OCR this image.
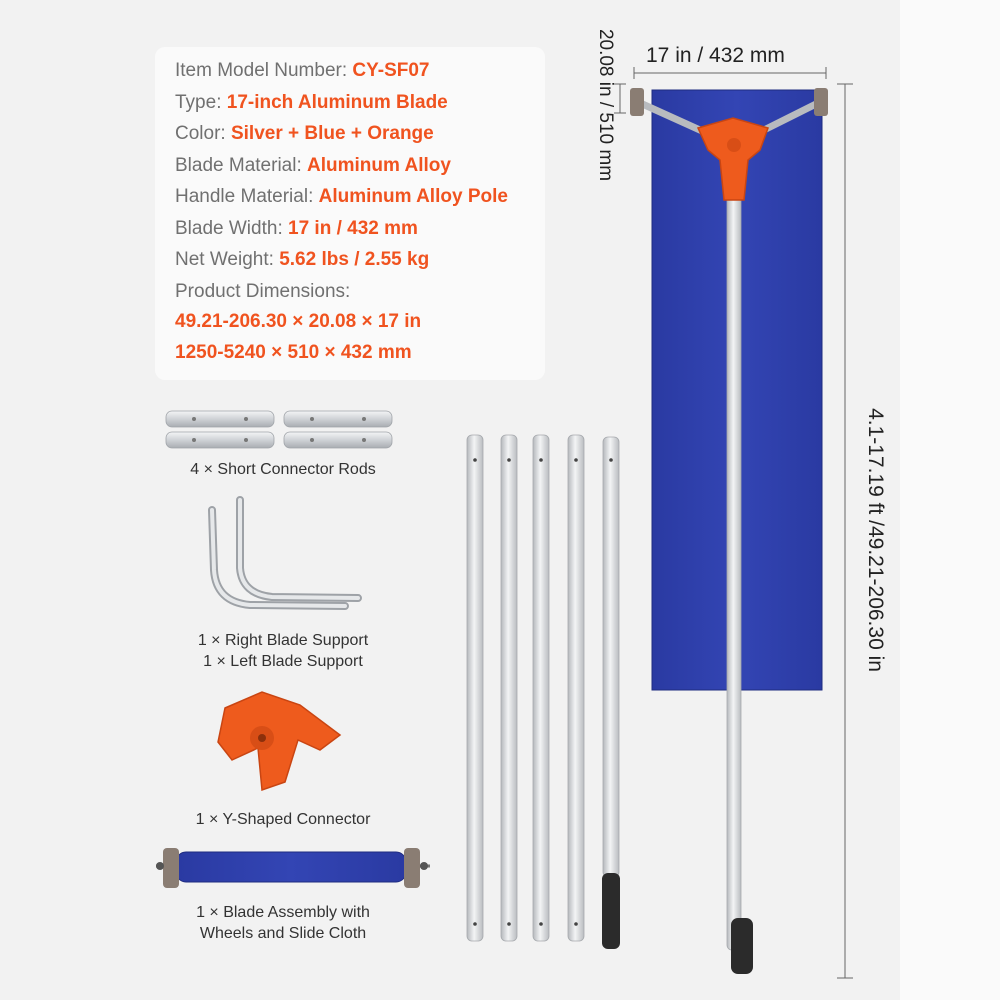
Item Model Number: CY-SF07
Type: 17-inch Aluminum Blade
Color: Silver + Blue + Orange
Blade Material: Aluminum Alloy
Handle Material: Aluminum Alloy Pole
Blade Width: 17 in / 432 mm
Net Weight: 5.62 lbs / 2.55 kg
Product Dimensions:
49.21-206.30 × 20.08 × 17 in
1250-5240 × 510 × 432 mm
4 × Short Connector Rods
1 × Right Blade Support
1 × Left Blade Support
1 × Y-Shaped Connector
1 × Blade Assembly with
Wheels and Slide Cloth
17 in / 432 mm
20.08 in / 510 mm
4.1-17.19 ft /49.21-206.30 in
